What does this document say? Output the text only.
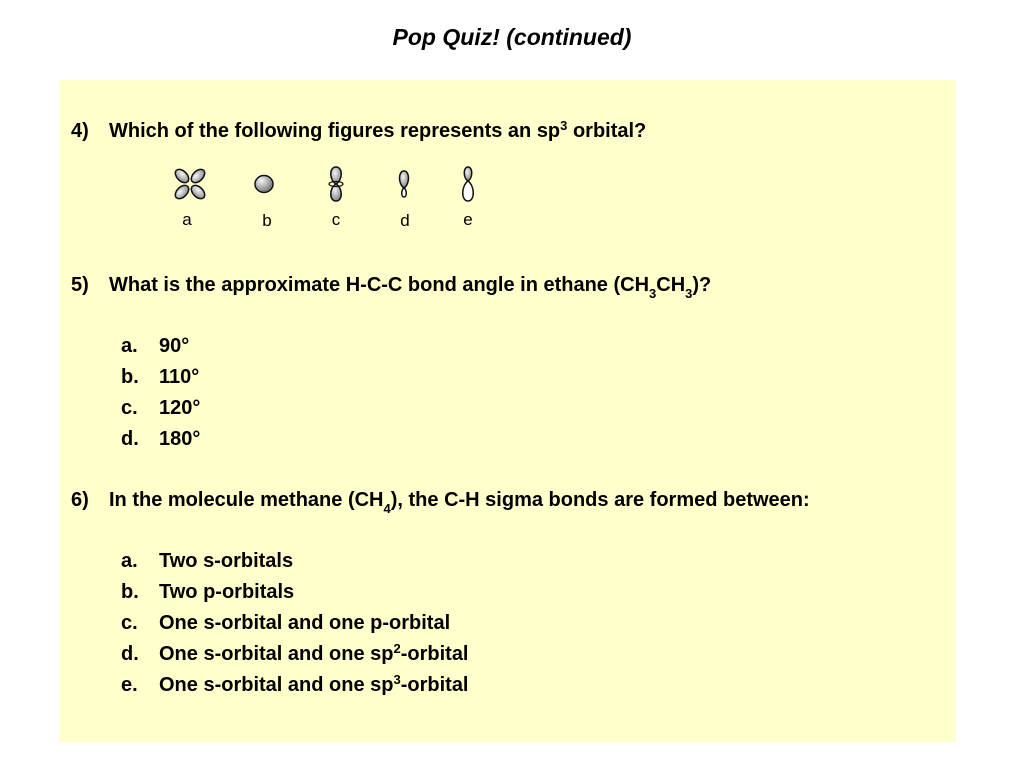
Pop Quiz! (continued)
4) Which of the following figures represents an $sp^3$ orbital?
a	b	c	d	e
5) What is the approximate H-C-C bond angle in ethane $(CH_3CH_3)$?
a. 90°
b. 110°
c. 120°
d. 180°
6) In the molecule methane $(CH_4)$, the C-H sigma bonds are formed between:
a. Two s-orbitals
b. Two p-orbitals
c. One s-orbital and one p-orbital
d. One s-orbital and one $sp^2$-orbital
e. One s-orbital and one $sp^3$-orbital
